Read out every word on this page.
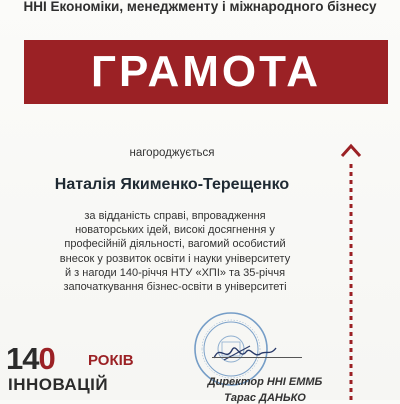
ННІ Економіки, менеджменту і міжнародного бізнесу
ГРАМОТА
нагороджується
Наталія Якименко-Терещенко
за відданість справі, впровадження
новаторських ідей, високі досягнення у
професійній діяльності, вагомий особистий
внесок у розвиток освіти і науки університету
й з нагоди 140-річчя НТУ «ХПІ» та 35-річчя
започаткування бізнес-освіти в університеті
Директор ННІ ЕММБ
Тарас ДАНЬКО
140 РОКІВ
ІННОВАЦІЙ
